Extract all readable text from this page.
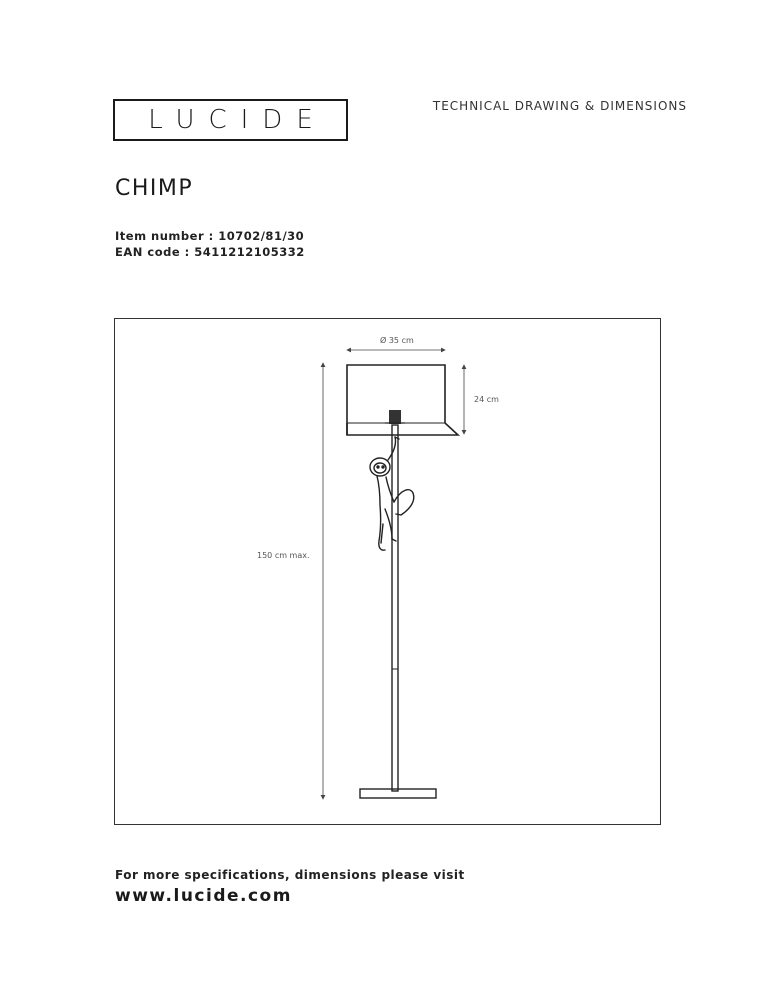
LUCIDE	TECHNICAL DRAWING & DIMENSIONS
CHIMP
Item number : 10702/81/30
EAN code : 5411212105332
Ø 35 cm
24 cm
150 cm max.
For more specifications, dimensions please visit
www.lucide.com
